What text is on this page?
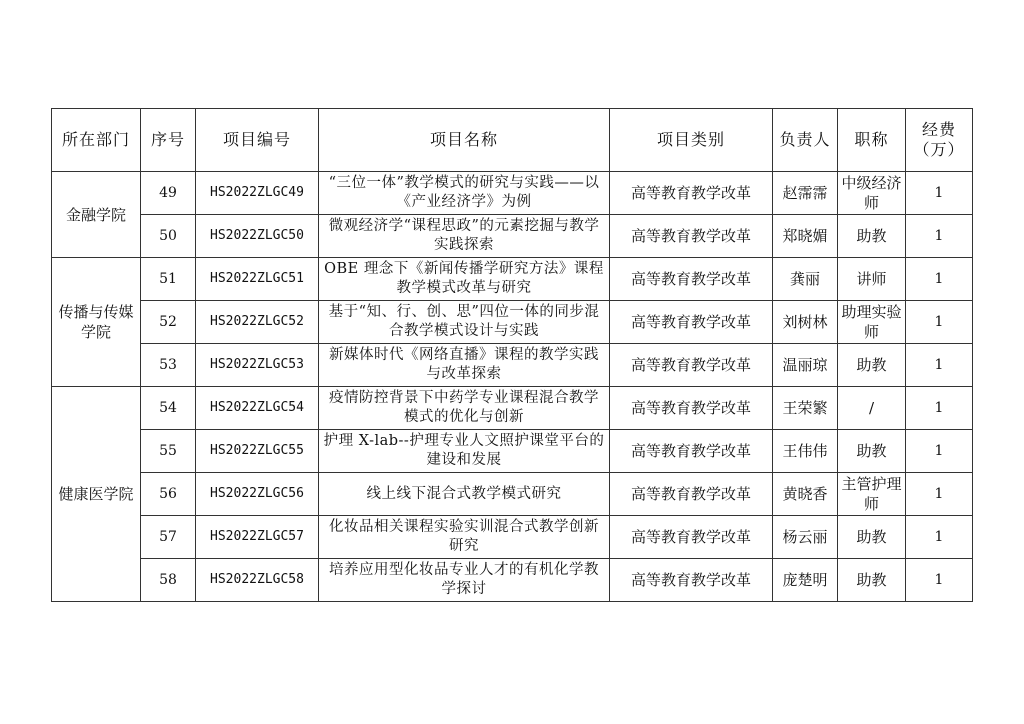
所在部门	序号	项目编号	项目名称	项目类别	负责人	职称	经费（万）
金融学院	49	HS2022ZLGC49	“三位一体”教学模式的研究与实践——以《产业经济学》为例	高等教育教学改革	赵霈霈	中级经济师	1
	50	HS2022ZLGC50	微观经济学“课程思政”的元素挖掘与教学实践探索	高等教育教学改革	郑晓媚	助教	1
传播与传媒学院	51	HS2022ZLGC51	OBE 理念下《新闻传播学研究方法》课程教学模式改革与研究	高等教育教学改革	龚丽	讲师	1
	52	HS2022ZLGC52	基于“知、行、创、思”四位一体的同步混合教学模式设计与实践	高等教育教学改革	刘树林	助理实验师	1
	53	HS2022ZLGC53	新媒体时代《网络直播》课程的教学实践与改革探索	高等教育教学改革	温丽琼	助教	1
健康医学院	54	HS2022ZLGC54	疫情防控背景下中药学专业课程混合教学模式的优化与创新	高等教育教学改革	王荣繁	/	1
	55	HS2022ZLGC55	护理 X-lab--护理专业人文照护课堂平台的建设和发展	高等教育教学改革	王伟伟	助教	1
	56	HS2022ZLGC56	线上线下混合式教学模式研究	高等教育教学改革	黄晓香	主管护理师	1
	57	HS2022ZLGC57	化妆品相关课程实验实训混合式教学创新研究	高等教育教学改革	杨云丽	助教	1
	58	HS2022ZLGC58	培养应用型化妆品专业人才的有机化学教学探讨	高等教育教学改革	庞楚明	助教	1
